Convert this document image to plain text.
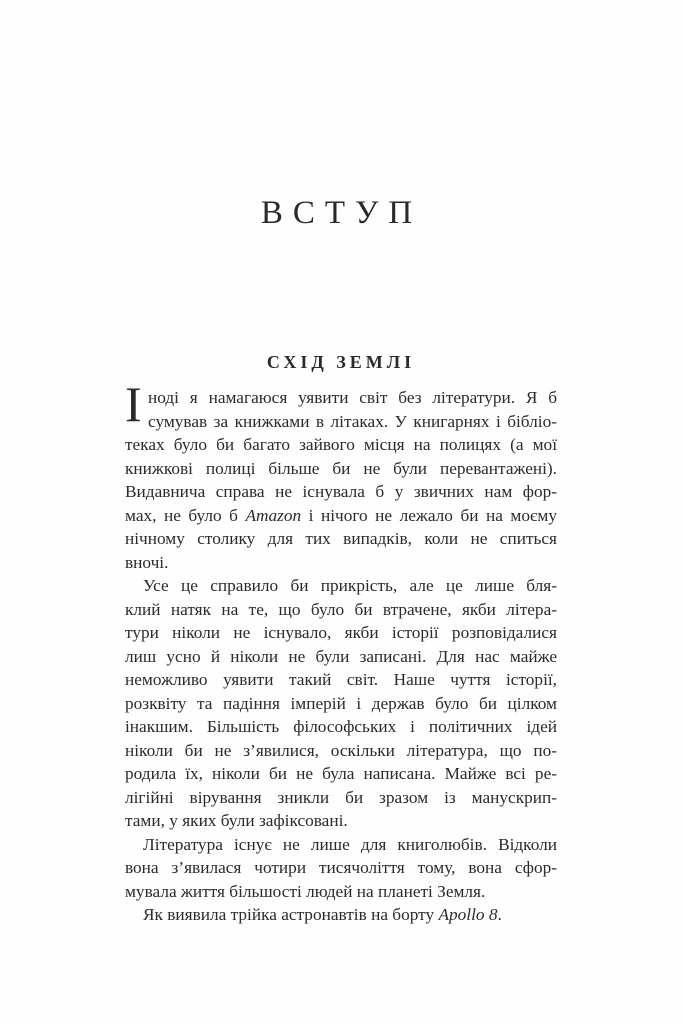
ВСТУП
СХІД ЗЕМЛІ
І ноді я намагаюся уявити світ без літератури. Я б
сумував за книжками в літаках. У книгарнях і бібліо-
теках було би багато зайвого місця на полицях (а мої
книжкові полиці більше би не були перевантажені).
Видавнича справа не існувала б у звичних нам фор-
мах, не було б Amazon і нічого не лежало би на моєму
нічному столику для тих випадків, коли не спиться
вночі.
Усе це справило би прикрість, але це лише бля-
клий натяк на те, що було би втрачене, якби літера-
тури ніколи не існувало, якби історії розповідалися
лиш усно й ніколи не були записані. Для нас майже
неможливо уявити такий світ. Наше чуття історії,
розквіту та падіння імперій і держав було би цілком
інакшим. Більшість філософських і політичних ідей
ніколи би не з’явилися, оскільки література, що по-
родила їх, ніколи би не була написана. Майже всі ре-
лігійні вірування зникли би зразом із манускрип-
тами, у яких були зафіксовані.
Література існує не лише для книголюбів. Відколи
вона з’явилася чотири тисячоліття тому, вона сфор-
мувала життя більшості людей на планеті Земля.
Як виявила трійка астронавтів на борту Apollo 8.
